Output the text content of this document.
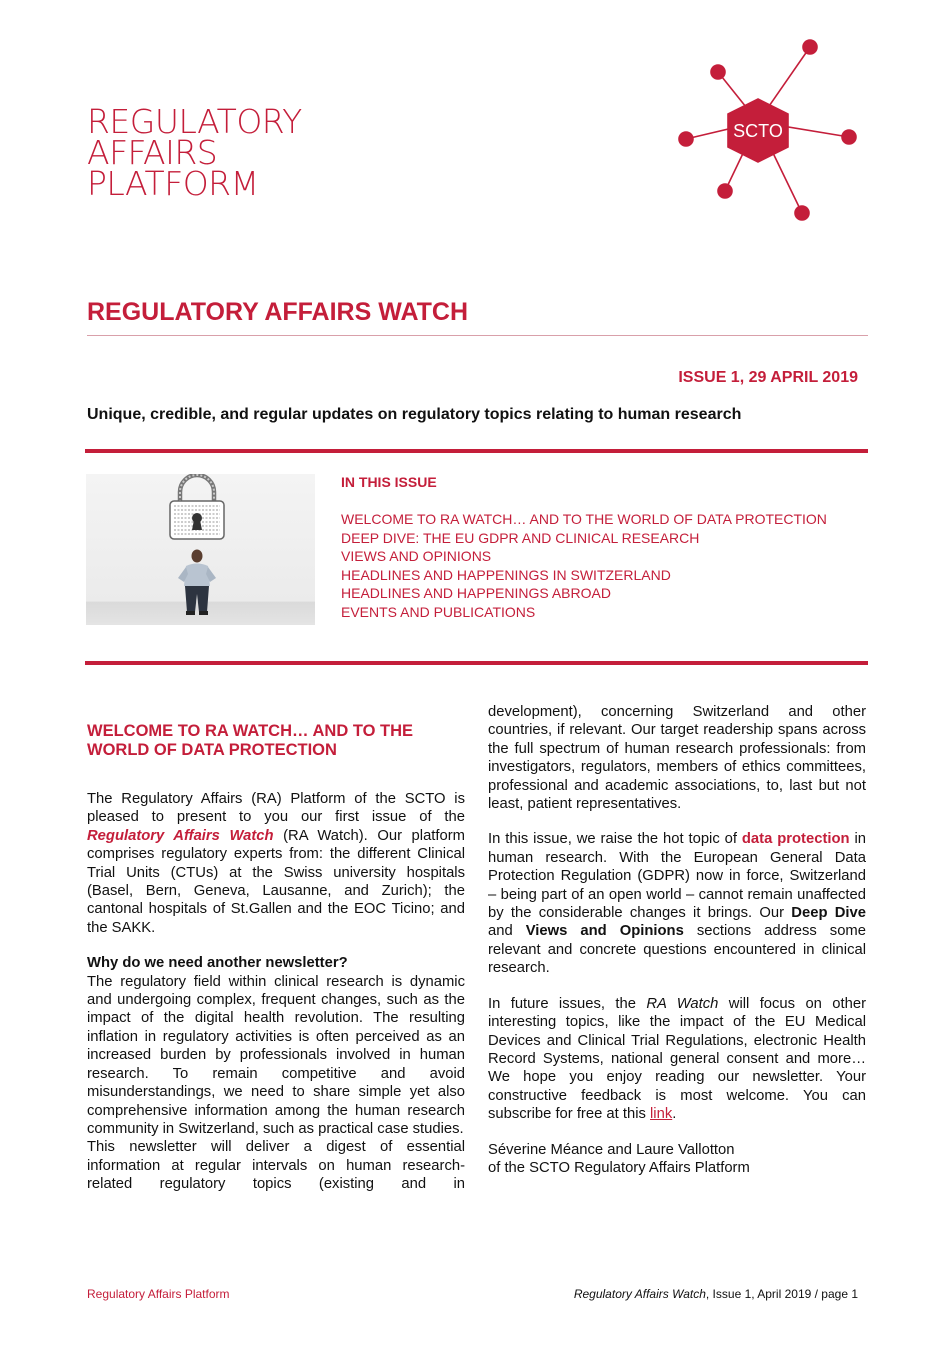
REGULATORY
AFFAIRS
PLATFORM
SCTO
REGULATORY AFFAIRS WATCH
ISSUE 1, 29 APRIL 2019
Unique, credible, and regular updates on regulatory topics relating to human research
IN THIS ISSUE
WELCOME TO RA WATCH… AND TO THE WORLD OF DATA PROTECTION
DEEP DIVE: THE EU GDPR AND CLINICAL RESEARCH
VIEWS AND OPINIONS
HEADLINES AND HAPPENINGS IN SWITZERLAND
HEADLINES AND HAPPENINGS ABROAD
EVENTS AND PUBLICATIONS
WELCOME TO RA WATCH… AND TO THE WORLD OF DATA PROTECTION

The Regulatory Affairs (RA) Platform of the SCTO is pleased to present to you our first issue of the Regulatory Affairs Watch (RA Watch). Our platform comprises regulatory experts from: the different Clinical Trial Units (CTUs) at the Swiss university hospitals (Basel, Bern, Geneva, Lausanne, and Zurich); the cantonal hospitals of St.Gallen and the EOC Ticino; and the SAKK.

Why do we need another newsletter?

The regulatory field within clinical research is dynamic and undergoing complex, frequent changes, such as the impact of the digital health revolution. The resulting inflation in regulatory activities is often perceived as an increased burden by professionals involved in human research. To remain competitive and avoid misunderstandings, we need to share simple yet also comprehensive information among the human research community in Switzerland, such as practical case studies.

This newsletter will deliver a digest of essential information at regular intervals on human research-related regulatory topics (existing and in

development), concerning Switzerland and other countries, if relevant. Our target readership spans across the full spectrum of human research professionals: from investigators, regulators, members of ethics committees, professional and academic associations, to, last but not least, patient representatives.

In this issue, we raise the hot topic of data protection in human research. With the European General Data Protection Regulation (GDPR) now in force, Switzerland – being part of an open world – cannot remain unaffected by the considerable changes it brings. Our Deep Dive and Views and Opinions sections address some relevant and concrete questions encountered in clinical research.

In future issues, the RA Watch will focus on other interesting topics, like the impact of the EU Medical Devices and Clinical Trial Regulations, electronic Health Record Systems, national general consent and more… We hope you enjoy reading our newsletter. Your constructive feedback is most welcome. You can subscribe for free at this link.

Séverine Méance and Laure Vallotton

of the SCTO Regulatory Affairs Platform

Regulatory Affairs Platform	Regulatory Affairs Watch, Issue 1, April 2019 / page 1
